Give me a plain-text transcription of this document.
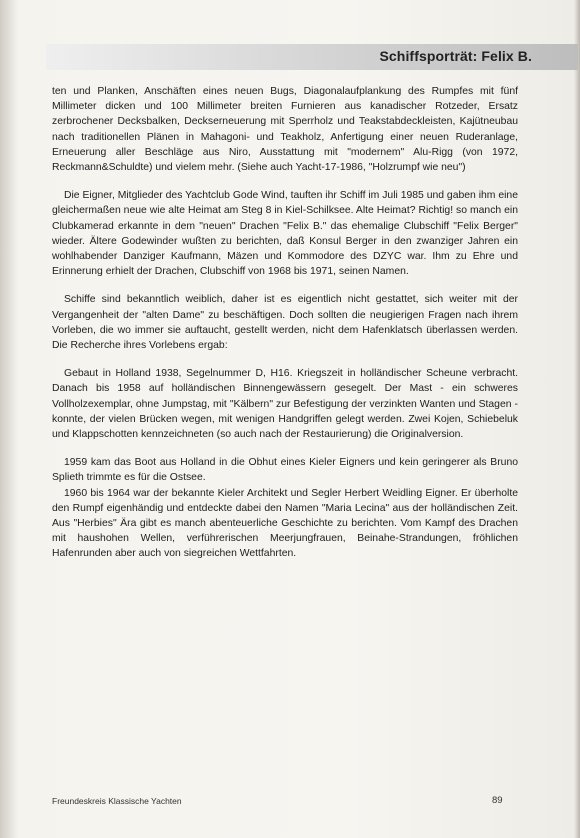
Schiffsporträt: Felix B.

ten und Planken, Anschäften eines neuen Bugs, Diagonalaufplankung des Rumpfes mit fünf Millimeter dicken und 100 Millimeter breiten Furnieren aus kanadischer Rotzeder, Ersatz zerbrochener Decksbalken, Deckserneuerung mit Sperrholz und Teakstabdeckleisten, Kajütneubau nach traditionellen Plänen in Mahagoni- und Teakholz, Anfertigung einer neuen Ruderanlage, Erneuerung aller Beschläge aus Niro, Ausstattung mit "modernem" Alu-Rigg (von 1972, Reckmann&Schuldte) und vielem mehr. (Siehe auch Yacht-17-1986, "Holzrumpf wie neu")

Die Eigner, Mitglieder des Yachtclub Gode Wind, tauften ihr Schiff im Juli 1985 und gaben ihm eine gleichermaßen neue wie alte Heimat am Steg 8 in Kiel-Schilksee. Alte Heimat? Richtig! so manch ein Clubkamerad erkannte in dem "neuen" Drachen "Felix B." das ehemalige Clubschiff "Felix Berger" wieder. Ältere Godewinder wußten zu berichten, daß Konsul Berger in den zwanziger Jahren ein wohlhabender Danziger Kaufmann, Mäzen und Kommodore des DZYC war. Ihm zu Ehre und Erinnerung erhielt der Drachen, Clubschiff von 1968 bis 1971, seinen Namen.

Schiffe sind bekanntlich weiblich, daher ist es eigentlich nicht gestattet, sich weiter mit der Vergangenheit der "alten Dame" zu beschäftigen. Doch sollten die neugierigen Fragen nach ihrem Vorleben, die wo immer sie auftaucht, gestellt werden, nicht dem Hafenklatsch überlassen werden. Die Recherche ihres Vorlebens ergab:

Gebaut in Holland 1938, Segelnummer D, H16. Kriegszeit in holländischer Scheune verbracht. Danach bis 1958 auf holländischen Binnengewässern gesegelt. Der Mast - ein schweres Vollholzexemplar, ohne Jumpstag, mit "Kälbern" zur Befestigung der verzinkten Wanten und Stagen - konnte, der vielen Brücken wegen, mit wenigen Handgriffen gelegt werden. Zwei Kojen, Schiebeluk und Klappschotten kennzeichneten (so auch nach der Restaurierung) die Originalversion.

1959 kam das Boot aus Holland in die Obhut eines Kieler Eigners und kein geringerer als Bruno Splieth trimmte es für die Ostsee.

1960 bis 1964 war der bekannte Kieler Architekt und Segler Herbert Weidling Eigner. Er überholte den Rumpf eigenhändig und entdeckte dabei den Namen "Maria Lecina" aus der holländischen Zeit. Aus "Herbies" Ära gibt es manch abenteuerliche Geschichte zu berichten. Vom Kampf des Drachen mit haushohen Wellen, verführerischen Meerjungfrauen, Beinahe-Strandungen, fröhlichen Hafenrunden aber auch von siegreichen Wettfahrten.

Freundeskreis Klassische Yachten	89
